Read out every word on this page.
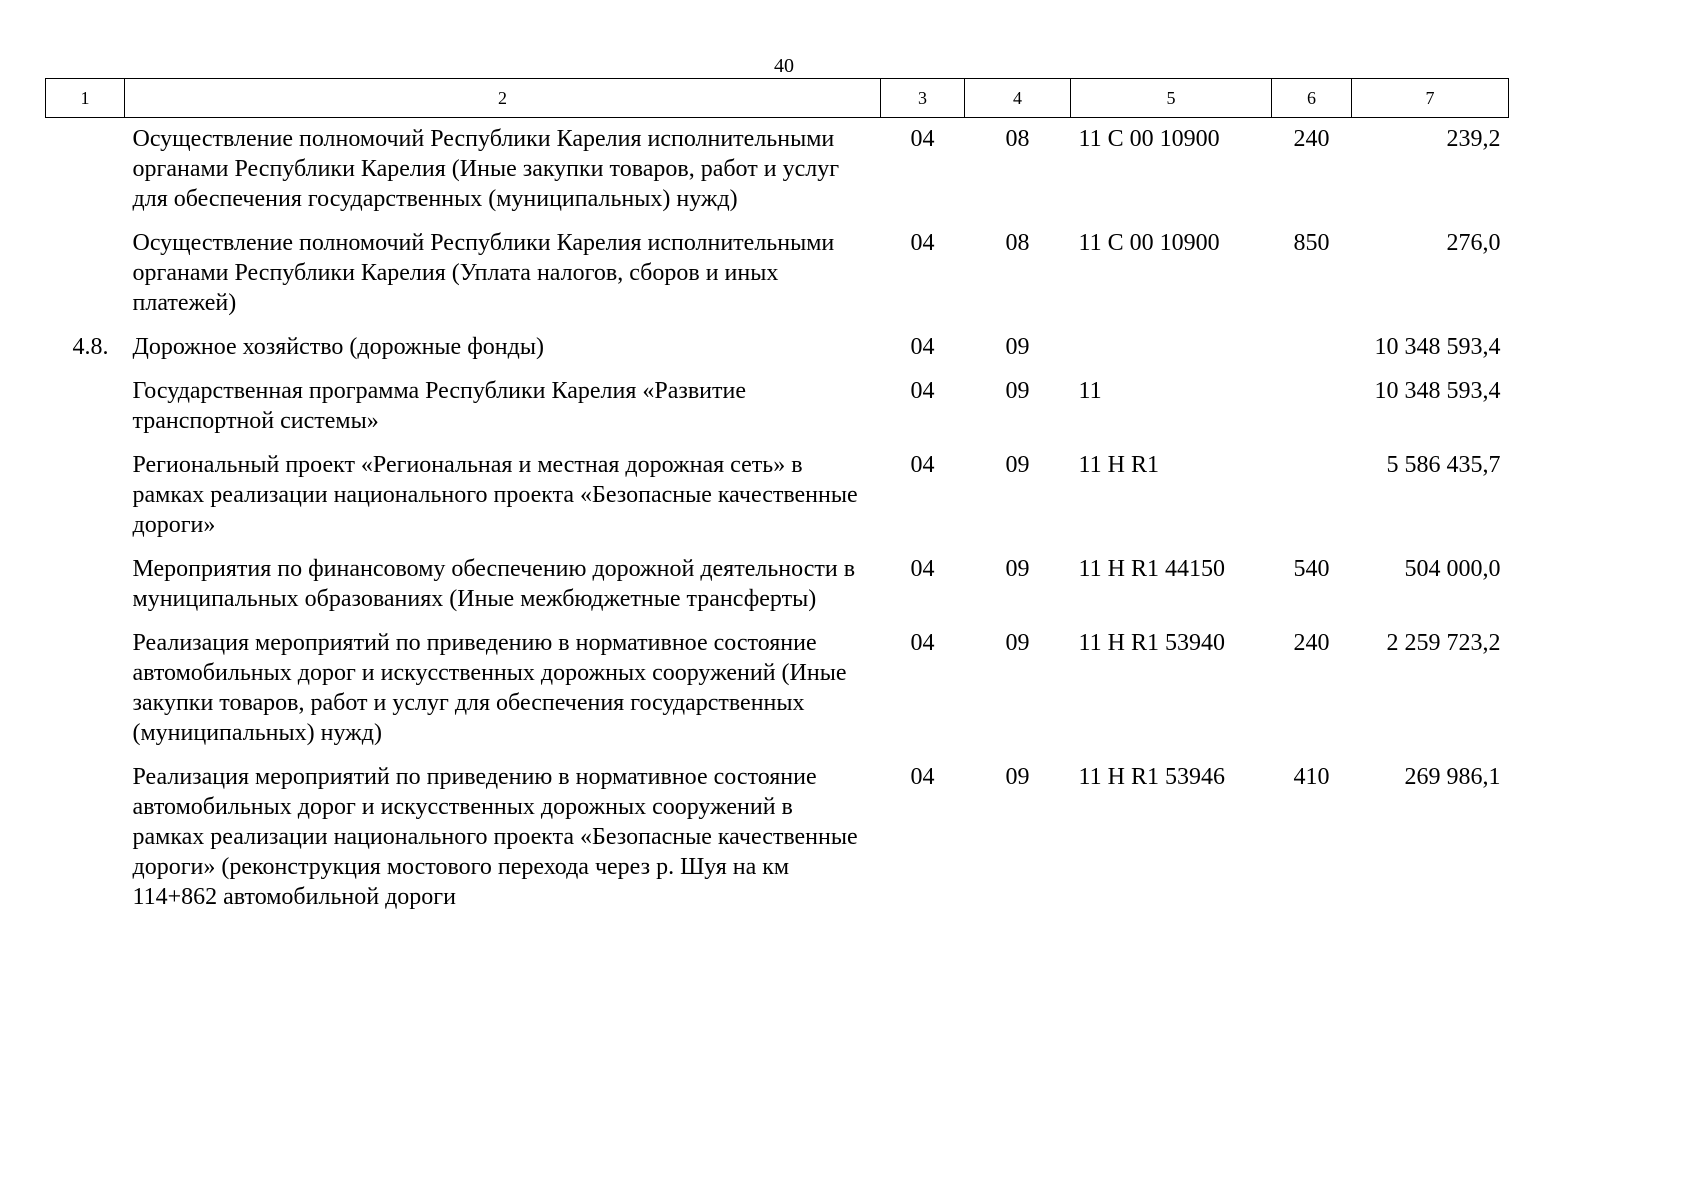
40
1	2	3	4	5	6	7
	Осуществление полномочий Республики Карелия исполнительными органами Республики Карелия (Иные закупки товаров, работ и услуг для обеспечения государственных (муниципальных) нужд)	04	08	11 С 00 10900	240	239,2
	Осуществление полномочий Республики Карелия исполнительными органами Республики Карелия (Уплата налогов, сборов и иных платежей)	04	08	11 С 00 10900	850	276,0
4.8.	Дорожное хозяйство (дорожные фонды)	04	09			10 348 593,4
	Государственная программа Республики Карелия «Развитие транспортной системы»	04	09	11		10 348 593,4
	Региональный проект «Региональная и местная дорожная сеть» в рамках реализации национального проекта «Безопасные качественные дороги»	04	09	11 Н R1		5 586 435,7
	Мероприятия по финансовому обеспечению дорожной деятельности в муниципальных образованиях (Иные межбюджетные трансферты)	04	09	11 Н R1 44150	540	504 000,0
	Реализация мероприятий по приведению в нормативное состояние автомобильных дорог и искусственных дорожных сооружений (Иные закупки товаров, работ и услуг для обеспечения государственных (муниципальных) нужд)	04	09	11 Н R1 53940	240	2 259 723,2
	Реализация мероприятий по приведению в нормативное состояние автомобильных дорог и искусственных дорожных сооружений в рамках реализации национального проекта «Безопасные качественные дороги» (реконструкция мостового перехода через р. Шуя на км 114+862 автомобильной дороги	04	09	11 Н R1 53946	410	269 986,1
